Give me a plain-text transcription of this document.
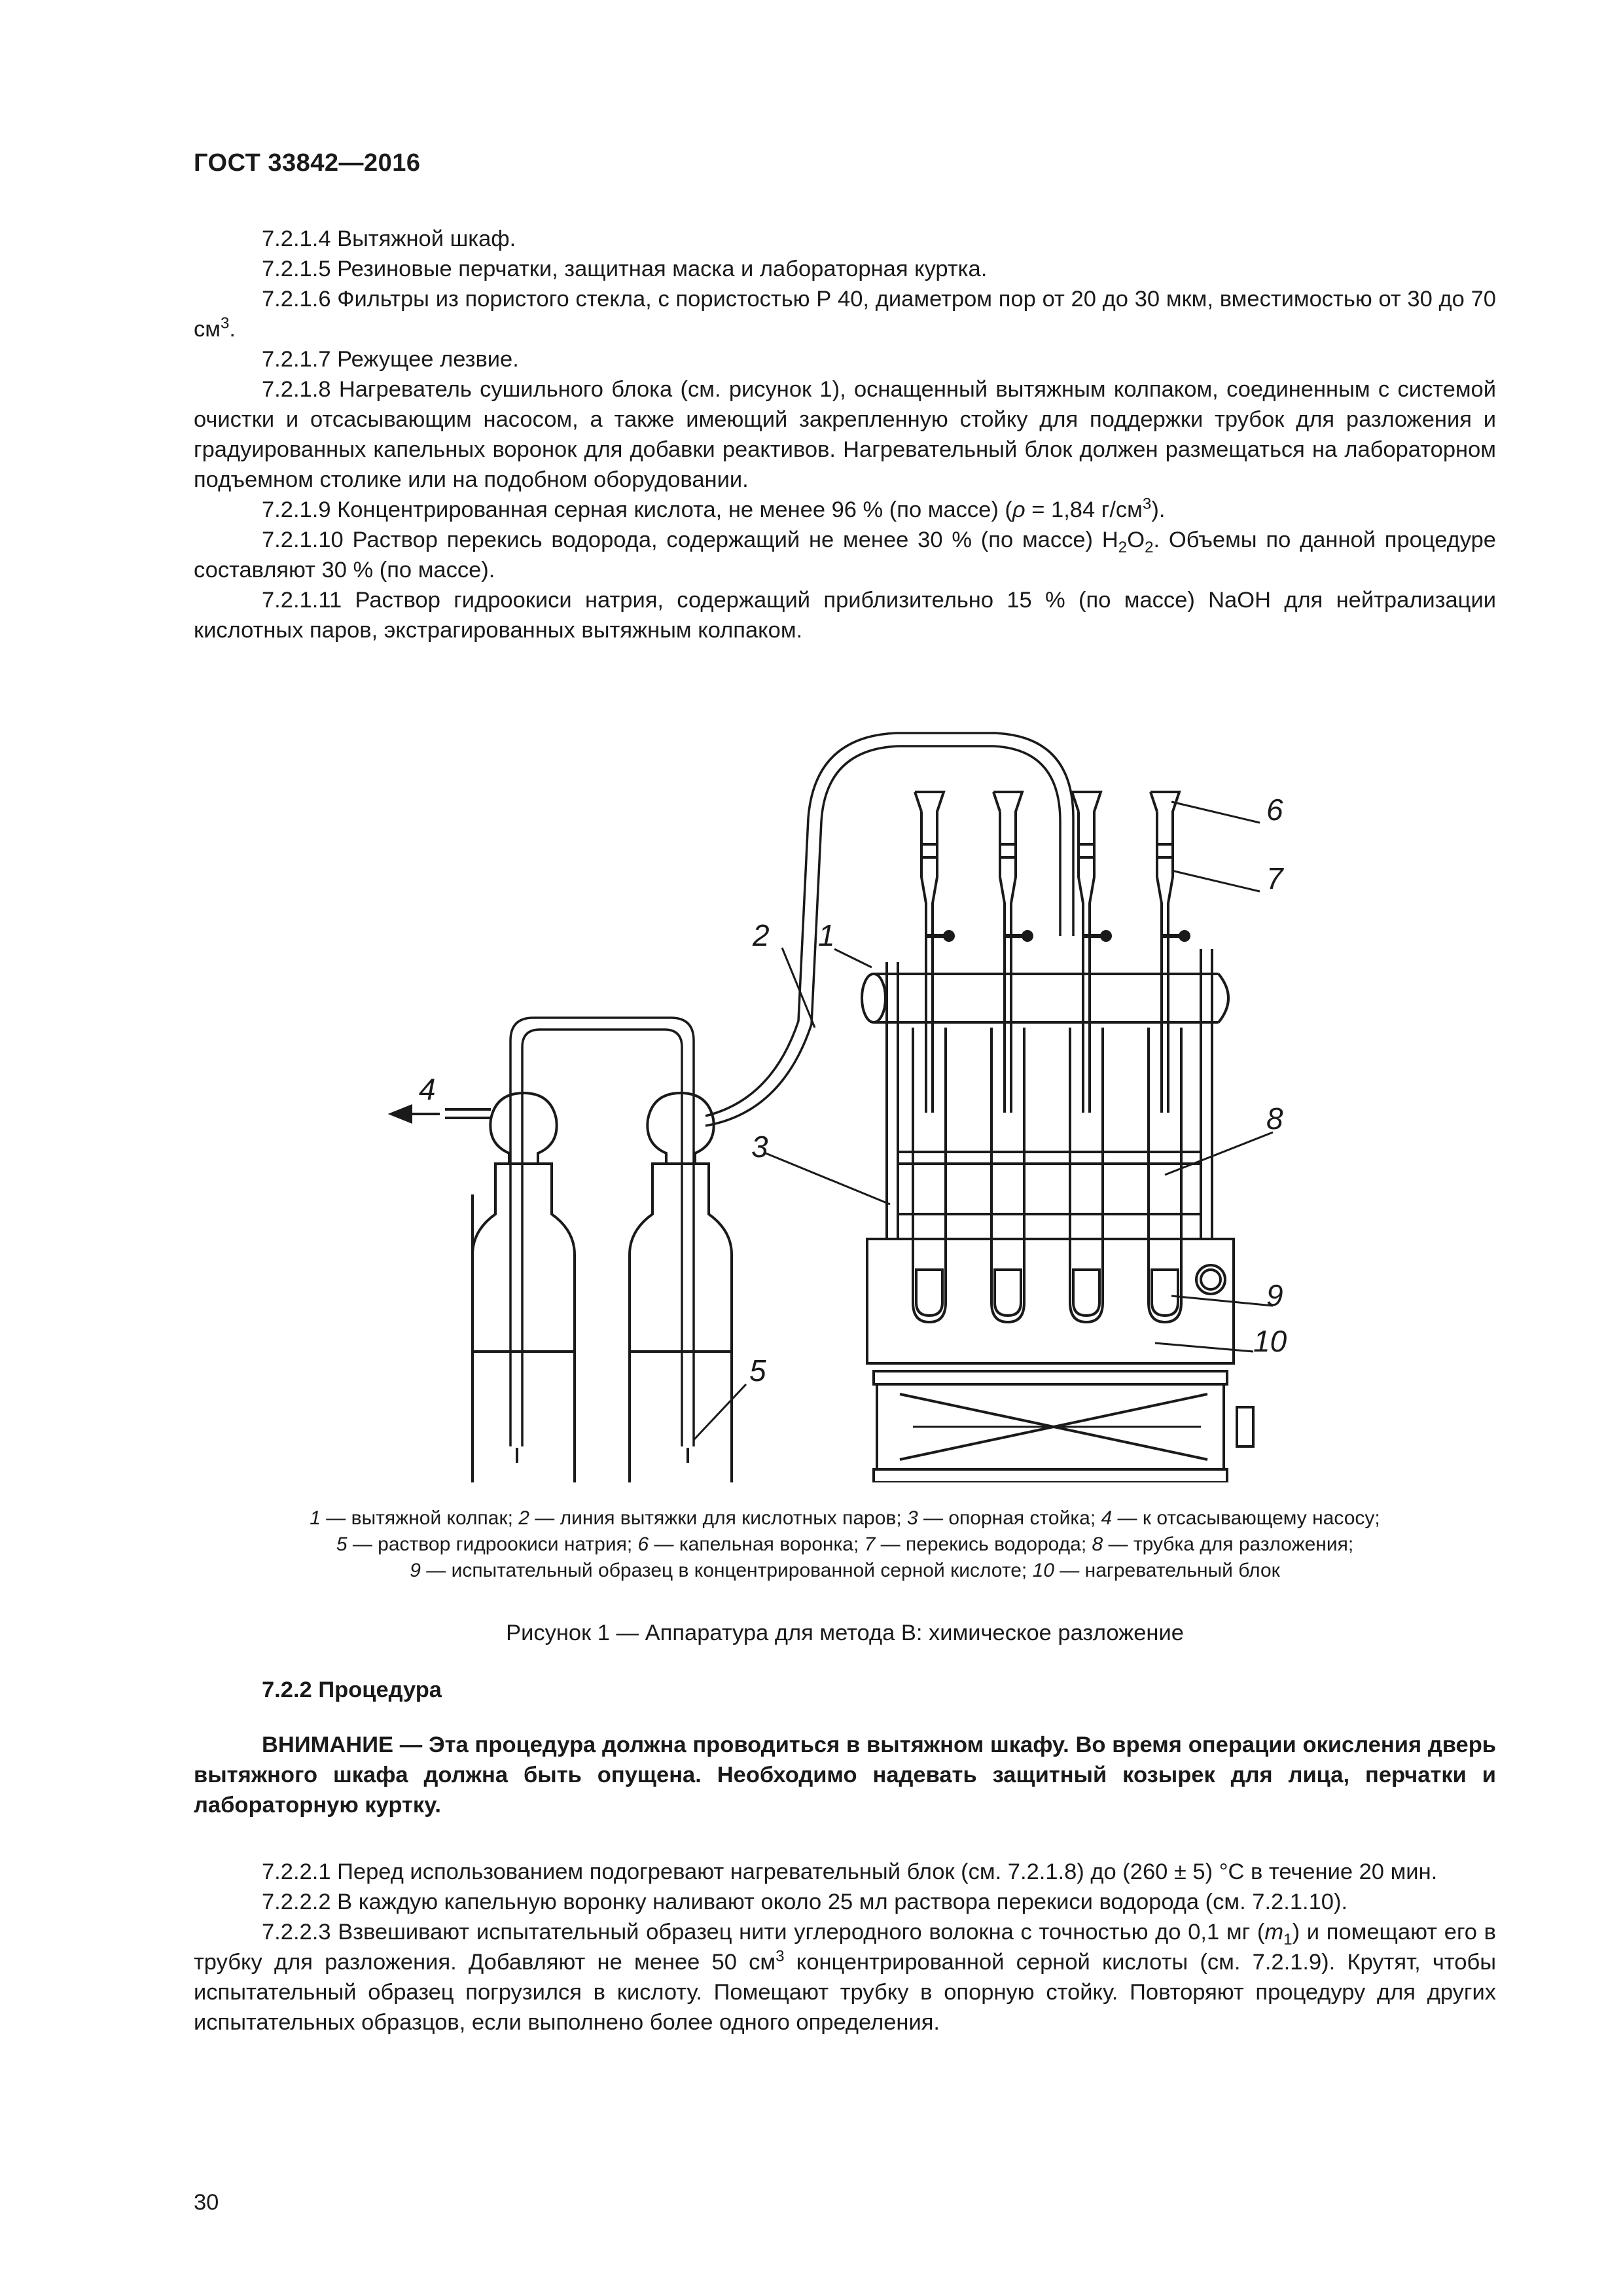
ГОСТ 33842—2016

7.2.1.4 Вытяжной шкаф.

7.2.1.5 Резиновые перчатки, защитная маска и лабораторная куртка.

7.2.1.6 Фильтры из пористого стекла, с пористостью Р 40, диаметром пор от 20 до 30 мкм, вместимостью от 30 до 70 $см^3$.

7.2.1.7 Режущее лезвие.

7.2.1.8 Нагреватель сушильного блока (см. рисунок 1), оснащенный вытяжным колпаком, соединенным с системой очистки и отсасывающим насосом, а также имеющий закрепленную стойку для поддержки трубок для разложения и градуированных капельных воронок для добавки реактивов. Нагревательный блок должен размещаться на лабораторном подъемном столике или на подобном оборудовании.

7.2.1.9 Концентрированная серная кислота, не менее 96 % (по массе) (ρ = 1,84 $г/см^3$).

7.2.1.10 Раствор перекись водорода, содержащий не менее 30 % (по массе) $H_2O_2$. Объемы по данной процедуре составляют 30 % (по массе).

7.2.1.11 Раствор гидроокиси натрия, содержащий приблизительно 15 % (по массе) NaOH для нейтрализации кислотных паров, экстрагированных вытяжным колпаком.

1
2
3
4
5
6
7
8
9
10
1 — вытяжной колпак; 2 — линия вытяжки для кислотных паров; 3 — опорная стойка; 4 — к отсасывающему насосу;
5 — раствор гидроокиси натрия; 6 — капельная воронка; 7 — перекись водорода; 8 — трубка для разложения;
9 — испытательный образец в концентрированной серной кислоте; 10 — нагревательный блок
Рисунок 1 — Аппаратура для метода В: химическое разложение
7.2.2 Процедура
ВНИМАНИЕ — Эта процедура должна проводиться в вытяжном шкафу. Во время операции окисления дверь вытяжного шкафа должна быть опущена. Необходимо надевать защитный козырек для лица, перчатки и лабораторную куртку.

7.2.2.1 Перед использованием подогревают нагревательный блок (см. 7.2.1.8) до (260 ± 5) °С в течение 20 мин.

7.2.2.2 В каждую капельную воронку наливают около 25 мл раствора перекиси водорода (см. 7.2.1.10).

7.2.2.3 Взвешивают испытательный образец нити углеродного волокна с точностью до 0,1 мг $(m_1)$ и помещают его в трубку для разложения. Добавляют не менее 50 $см^3$ концентрированной серной кислоты (см. 7.2.1.9). Крутят, чтобы испытательный образец погрузился в кислоту. Помещают трубку в опорную стойку. Повторяют процедуру для других испытательных образцов, если выполнено более одного определения.

30
